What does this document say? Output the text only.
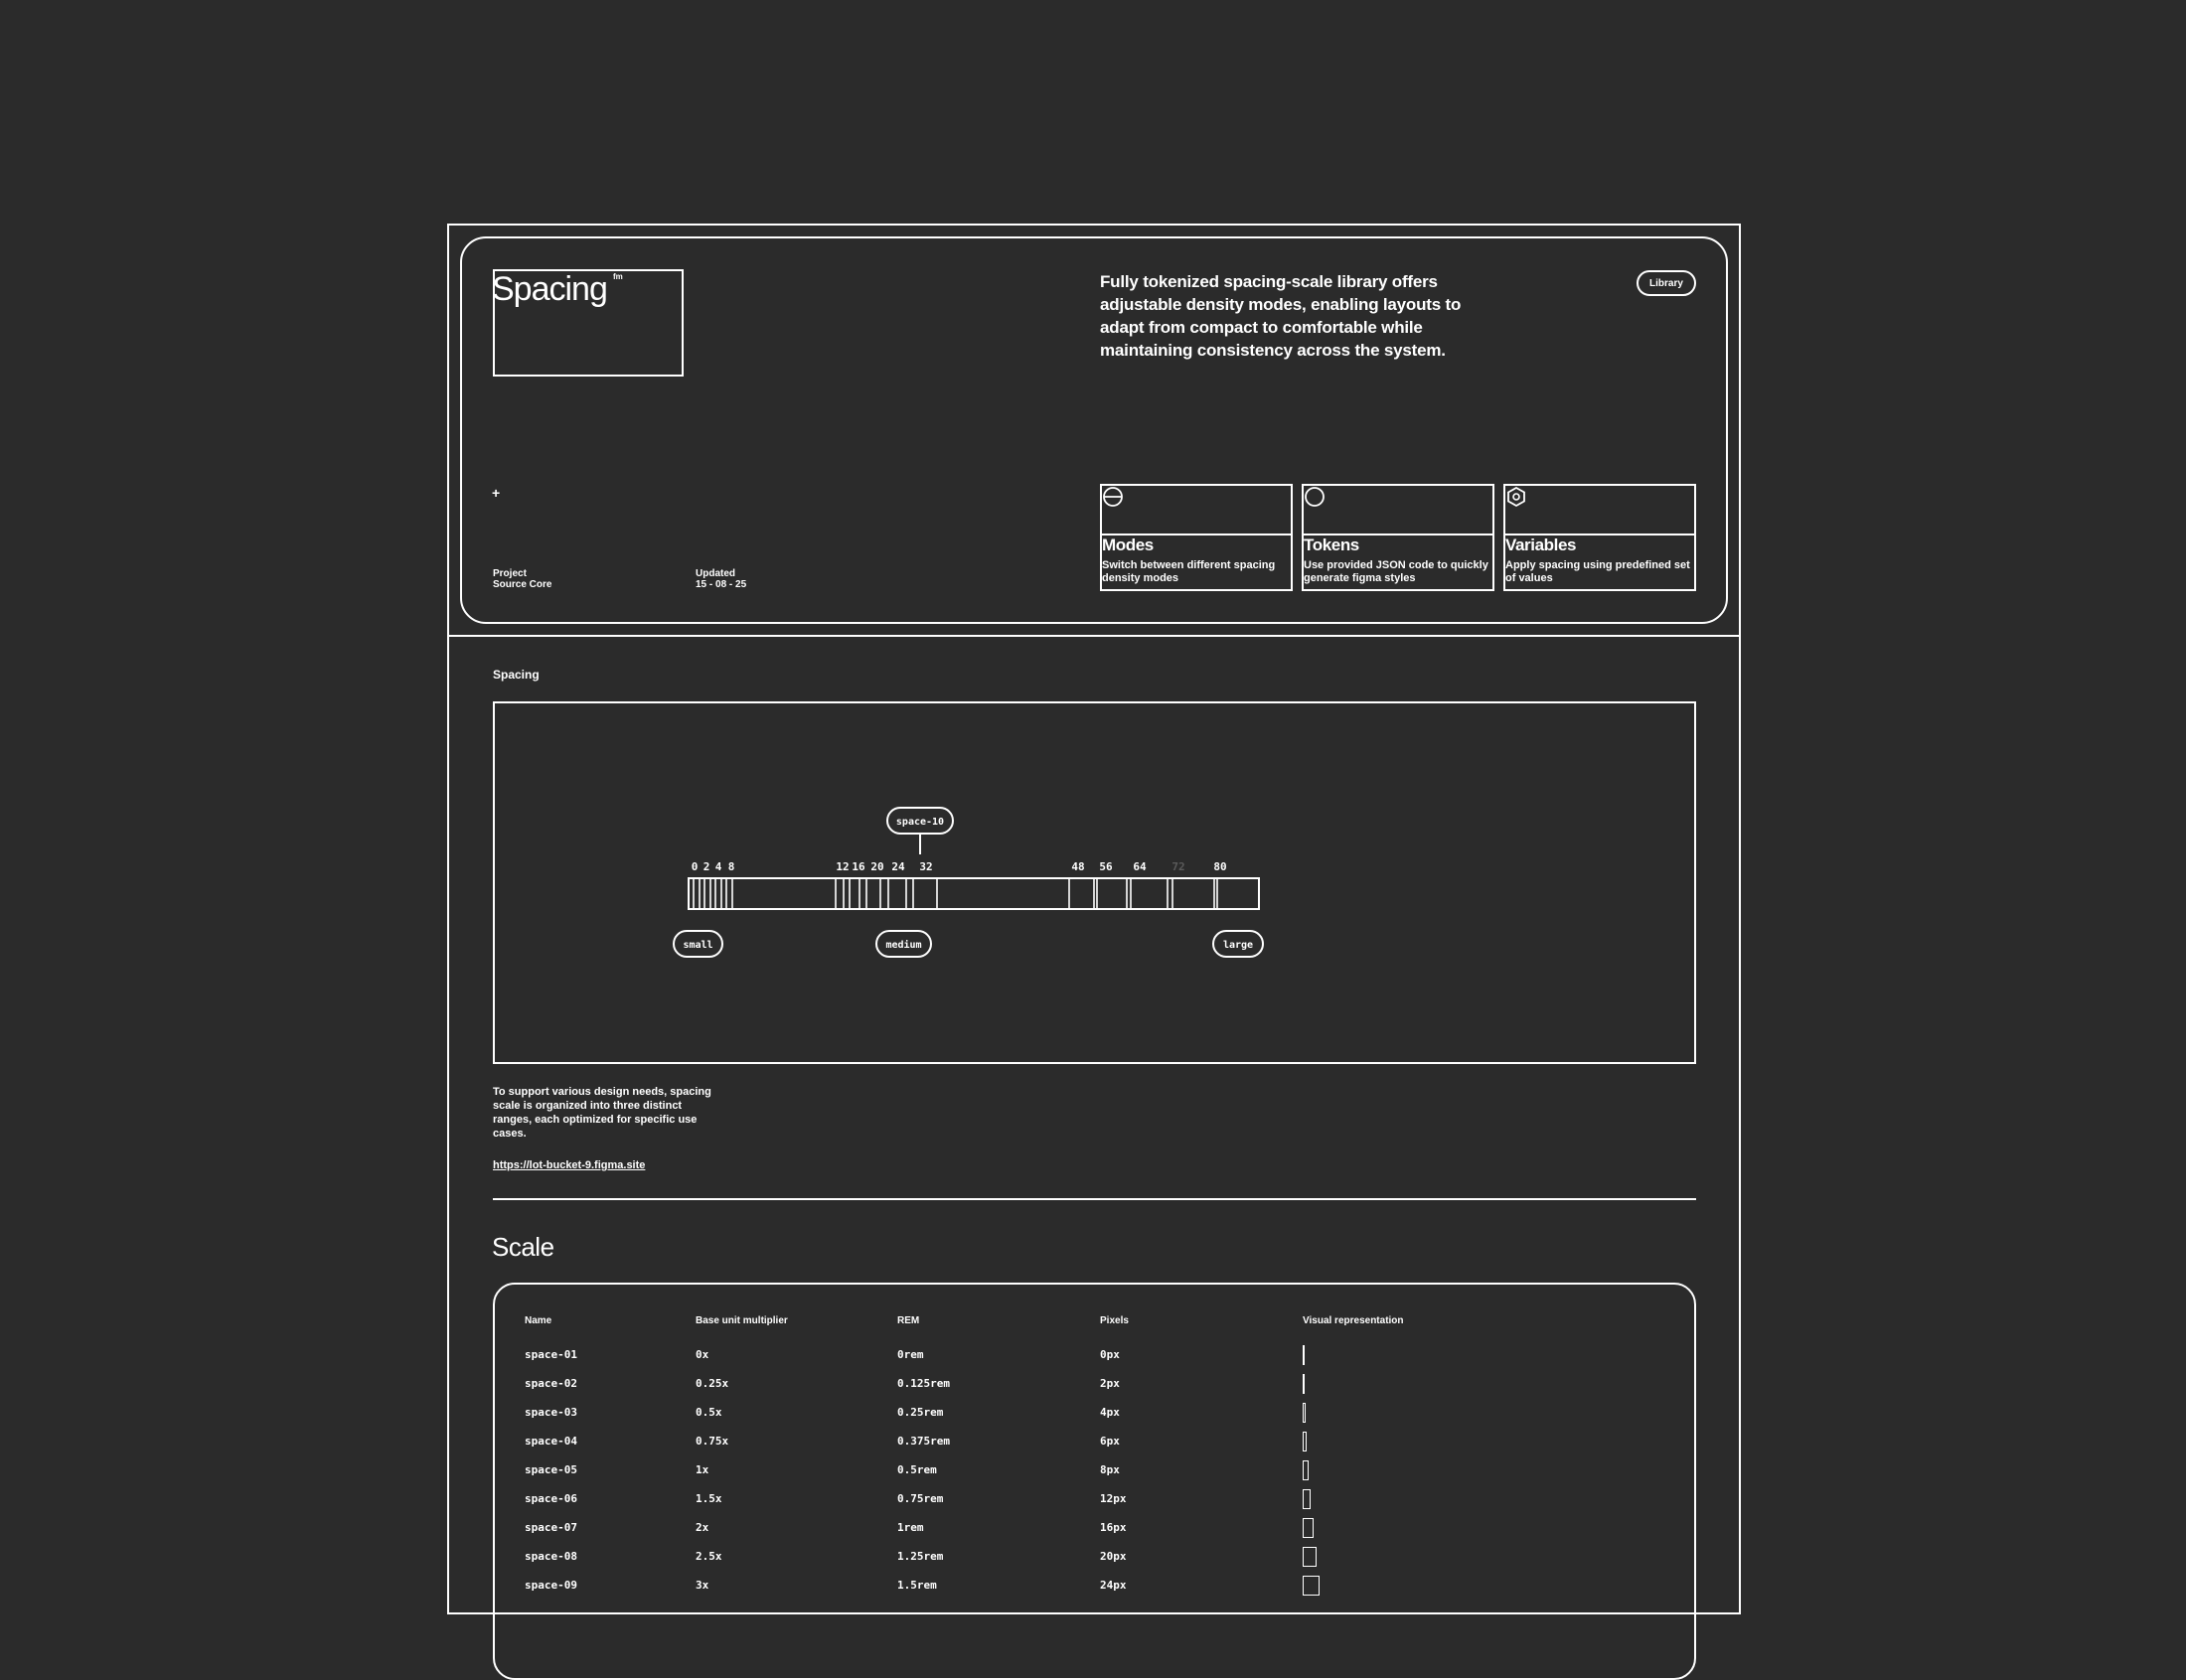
Spacing fm	Fully tokenized spacing-scale library offers adjustable density modes, enabling layouts to adapt from compact to comfortable while maintaining consistency across the system.
Library
+
Project
Source Core
Updated
15 - 08 - 25
Modes
Switch between different spacing density modes
Tokens
Use provided JSON code to quickly generate figma styles
Variables
Apply spacing using predefined set of values
Spacing
0 2 4 8	12 16 20 24 32	48 56 64 72	80
space-10
small	medium	large
To support various design needs, spacing scale is organized into three distinct ranges, each optimized for specific use cases.
https://lot-bucket-9.figma.site
Scale
Name	Base unit multiplier	REM	Pixels	Visual representation
space-01	0x	0rem	0px
space-02	0.25x	0.125rem	2px
space-03	0.5x	0.25rem	4px
space-04	0.75x	0.375rem	6px
space-05	1x	0.5rem	8px
space-06	1.5x	0.75rem	12px
space-07	2x	1rem	16px
space-08	2.5x	1.25rem	20px
space-09	3x	1.5rem	24px
